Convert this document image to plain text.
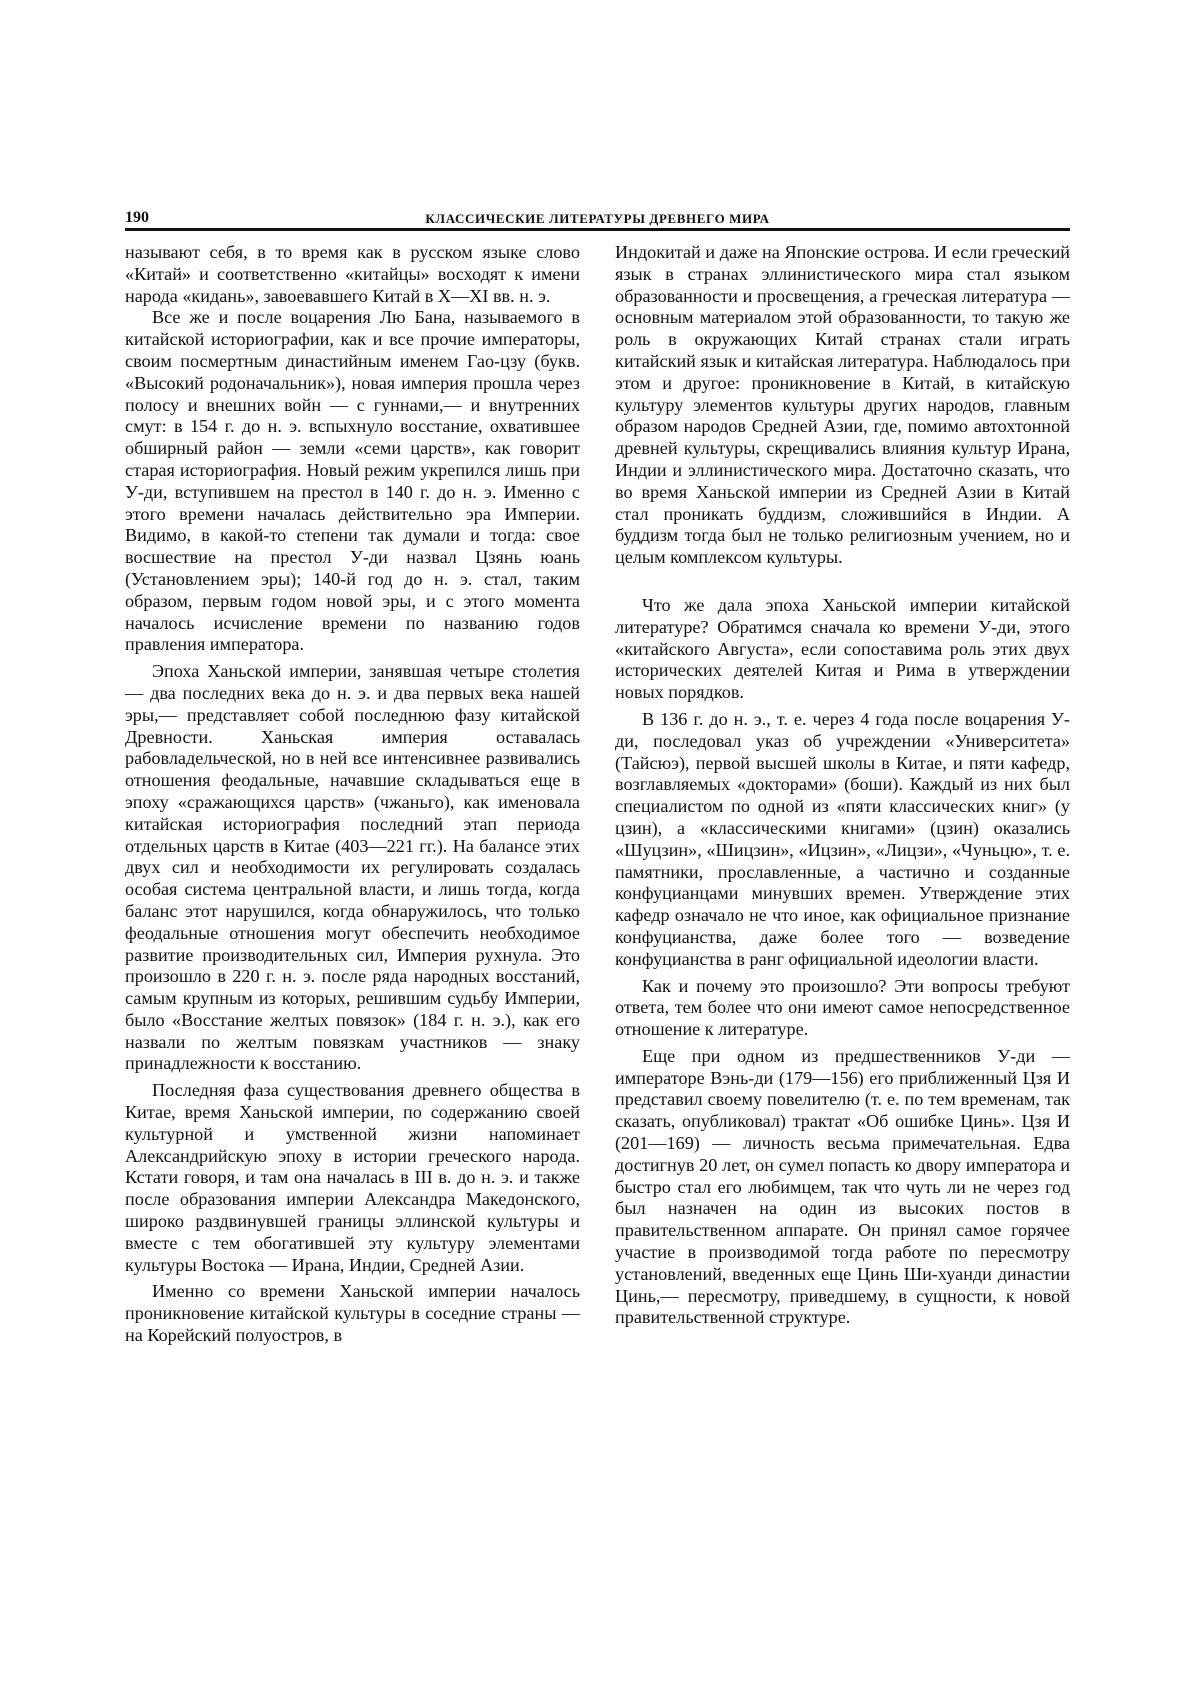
190	КЛАССИЧЕСКИЕ ЛИТЕРАТУРЫ ДРЕВНЕГО МИРА

называют себя, в то время как в русском языке слово «Китай» и соответственно «китайцы» восходят к имени народа «кидань», завоевавшего Китай в X—XI вв. н. э.

Все же и после воцарения Лю Бана, называемого в китайской историографии, как и все прочие императоры, своим посмертным династийным именем Гао-цзу (букв. «Высокий родоначальник»), новая империя прошла через полосу и внешних войн — с гуннами,— и внутренних смут: в 154 г. до н. э. вспыхнуло восстание, охватившее обширный район — земли «семи царств», как говорит старая историография. Новый режим укрепился лишь при У-ди, вступившем на престол в 140 г. до н. э. Именно с этого времени началась действительно эра Империи. Видимо, в какой-то степени так думали и тогда: свое восшествие на престол У-ди назвал Цзянь юань (Установлением эры); 140-й год до н. э. стал, таким образом, первым годом новой эры, и с этого момента началось исчисление времени по названию годов правления императора.

Эпоха Ханьской империи, занявшая четыре столетия — два последних века до н. э. и два первых века нашей эры,— представляет собой последнюю фазу китайской Древности. Ханьская империя оставалась рабовладельческой, но в ней все интенсивнее развивались отношения феодальные, начавшие складываться еще в эпоху «сражающихся царств» (чжаньго), как именовала китайская историография последний этап периода отдельных царств в Китае (403—221 гг.). На балансе этих двух сил и необходимости их регулировать создалась особая система центральной власти, и лишь тогда, когда баланс этот нарушился, когда обнаружилось, что только феодальные отношения могут обеспечить необходимое развитие производительных сил, Империя рухнула. Это произошло в 220 г. н. э. после ряда народных восстаний, самым крупным из которых, решившим судьбу Империи, было «Восстание желтых повязок» (184 г. н. э.), как его назвали по желтым повязкам участников — знаку принадлежности к восстанию.

Последняя фаза существования древнего общества в Китае, время Ханьской империи, по содержанию своей культурной и умственной жизни напоминает Александрийскую эпоху в истории греческого народа. Кстати говоря, и там она началась в III в. до н. э. и также после образования империи Александра Македонского, широко раздвинувшей границы эллинской культуры и вместе с тем обогатившей эту культуру элементами культуры Востока — Ирана, Индии, Средней Азии.

Именно со времени Ханьской империи началось проникновение китайской культуры в соседние страны — на Корейский полуостров, в

Индокитай и даже на Японские острова. И если греческий язык в странах эллинистического мира стал языком образованности и просвещения, а греческая литература — основным материалом этой образованности, то такую же роль в окружающих Китай странах стали играть китайский язык и китайская литература. Наблюдалось при этом и другое: проникновение в Китай, в китайскую культуру элементов культуры других народов, главным образом народов Средней Азии, где, помимо автохтонной древней культуры, скрещивались влияния культур Ирана, Индии и эллинистического мира. Достаточно сказать, что во время Ханьской империи из Средней Азии в Китай стал проникать буддизм, сложившийся в Индии. А буддизм тогда был не только религиозным учением, но и целым комплексом культуры.

Что же дала эпоха Ханьской империи китайской литературе? Обратимся сначала ко времени У-ди, этого «китайского Августа», если сопоставима роль этих двух исторических деятелей Китая и Рима в утверждении новых порядков.

В 136 г. до н. э., т. е. через 4 года после воцарения У-ди, последовал указ об учреждении «Университета» (Тайсюэ), первой высшей школы в Китае, и пяти кафедр, возглавляемых «докторами» (боши). Каждый из них был специалистом по одной из «пяти классических книг» (у цзин), а «классическими книгами» (цзин) оказались «Шуцзин», «Шицзин», «Ицзин», «Лицзи», «Чуньцю», т. е. памятники, прославленные, а частично и созданные конфуцианцами минувших времен. Утверждение этих кафедр означало не что иное, как официальное признание конфуцианства, даже более того — возведение конфуцианства в ранг официальной идеологии власти.

Как и почему это произошло? Эти вопросы требуют ответа, тем более что они имеют самое непосредственное отношение к литературе.

Еще при одном из предшественников У-ди — императоре Вэнь-ди (179—156) его приближенный Цзя И представил своему повелителю (т. е. по тем временам, так сказать, опубликовал) трактат «Об ошибке Цинь». Цзя И (201—169) — личность весьма примечательная. Едва достигнув 20 лет, он сумел попасть ко двору императора и быстро стал его любимцем, так что чуть ли не через год был назначен на один из высоких постов в правительственном аппарате. Он принял самое горячее участие в производимой тогда работе по пересмотру установлений, введенных еще Цинь Ши-хуанди династии Цинь,— пересмотру, приведшему, в сущности, к новой правительственной структуре.
